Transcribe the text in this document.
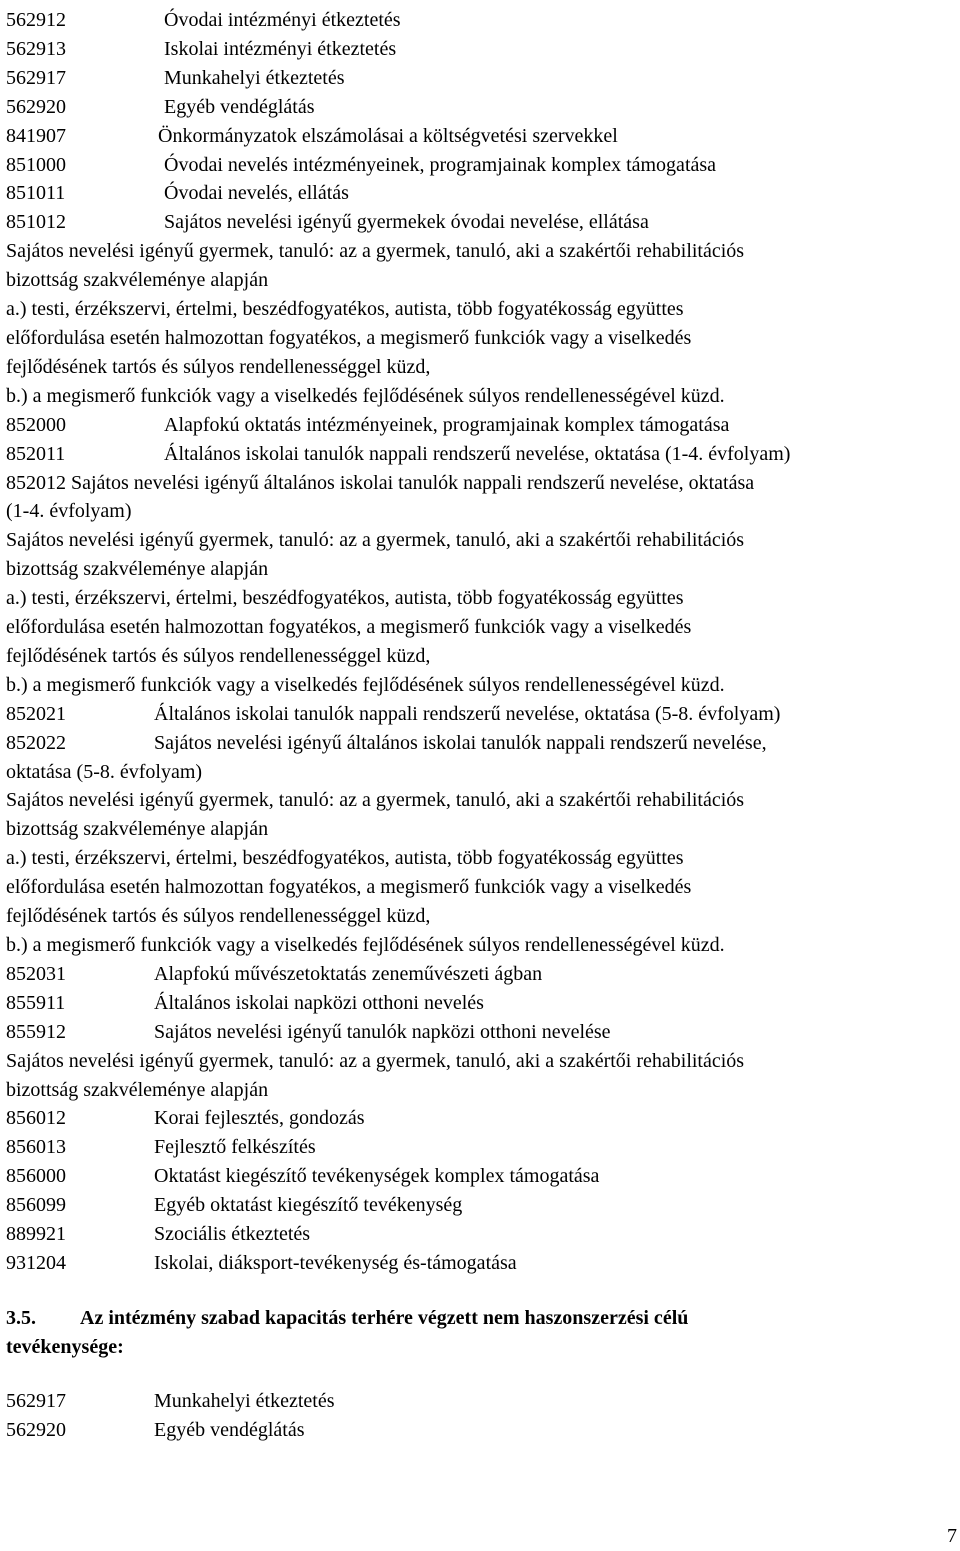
562912	Óvodai intézményi étkeztetés
562913	Iskolai intézményi étkeztetés
562917	Munkahelyi étkeztetés
562920	Egyéb vendéglátás
841907	Önkormányzatok elszámolásai a költségvetési szervekkel
851000	Óvodai nevelés intézményeinek, programjainak komplex támogatása
851011	Óvodai nevelés, ellátás
851012	Sajátos nevelési igényű gyermekek óvodai nevelése, ellátása
Sajátos nevelési igényű gyermek, tanuló: az a gyermek, tanuló, aki a szakértői rehabilitációs
bizottság szakvéleménye alapján
a.) testi, érzékszervi, értelmi, beszédfogyatékos, autista, több fogyatékosság együttes
előfordulása esetén halmozottan fogyatékos, a megismerő funkciók vagy a viselkedés
fejlődésének tartós és súlyos rendellenességgel küzd,
b.) a megismerő funkciók vagy a viselkedés fejlődésének súlyos rendellenességével küzd.
852000	Alapfokú oktatás intézményeinek, programjainak komplex támogatása
852011	Általános iskolai tanulók nappali rendszerű nevelése, oktatása (1-4. évfolyam)
852012 Sajátos nevelési igényű általános iskolai tanulók nappali rendszerű nevelése, oktatása
(1-4. évfolyam)
Sajátos nevelési igényű gyermek, tanuló: az a gyermek, tanuló, aki a szakértői rehabilitációs
bizottság szakvéleménye alapján
a.) testi, érzékszervi, értelmi, beszédfogyatékos, autista, több fogyatékosság együttes
előfordulása esetén halmozottan fogyatékos, a megismerő funkciók vagy a viselkedés
fejlődésének tartós és súlyos rendellenességgel küzd,
b.) a megismerő funkciók vagy a viselkedés fejlődésének súlyos rendellenességével küzd.
852021	Általános iskolai tanulók nappali rendszerű nevelése, oktatása (5-8. évfolyam)
852022	Sajátos nevelési igényű általános iskolai tanulók nappali rendszerű nevelése,
oktatása (5-8. évfolyam)
Sajátos nevelési igényű gyermek, tanuló: az a gyermek, tanuló, aki a szakértői rehabilitációs
bizottság szakvéleménye alapján
a.) testi, érzékszervi, értelmi, beszédfogyatékos, autista, több fogyatékosság együttes
előfordulása esetén halmozottan fogyatékos, a megismerő funkciók vagy a viselkedés
fejlődésének tartós és súlyos rendellenességgel küzd,
b.) a megismerő funkciók vagy a viselkedés fejlődésének súlyos rendellenességével küzd.
852031	Alapfokú művészetoktatás zeneművészeti ágban
855911	Általános iskolai napközi otthoni nevelés
855912	Sajátos nevelési igényű tanulók napközi otthoni nevelése
Sajátos nevelési igényű gyermek, tanuló: az a gyermek, tanuló, aki a szakértői rehabilitációs
bizottság szakvéleménye alapján
856012	Korai fejlesztés, gondozás
856013	Fejlesztő felkészítés
856000	Oktatást kiegészítő tevékenységek komplex támogatása
856099	Egyéb oktatást kiegészítő tevékenység
889921	Szociális étkeztetés
931204	Iskolai, diáksport-tevékenység és-támogatása
3.5. Az intézmény szabad kapacitás terhére végzett nem haszonszerzési célú
tevékenysége:
562917	Munkahelyi étkeztetés
562920	Egyéb vendéglátás
7
